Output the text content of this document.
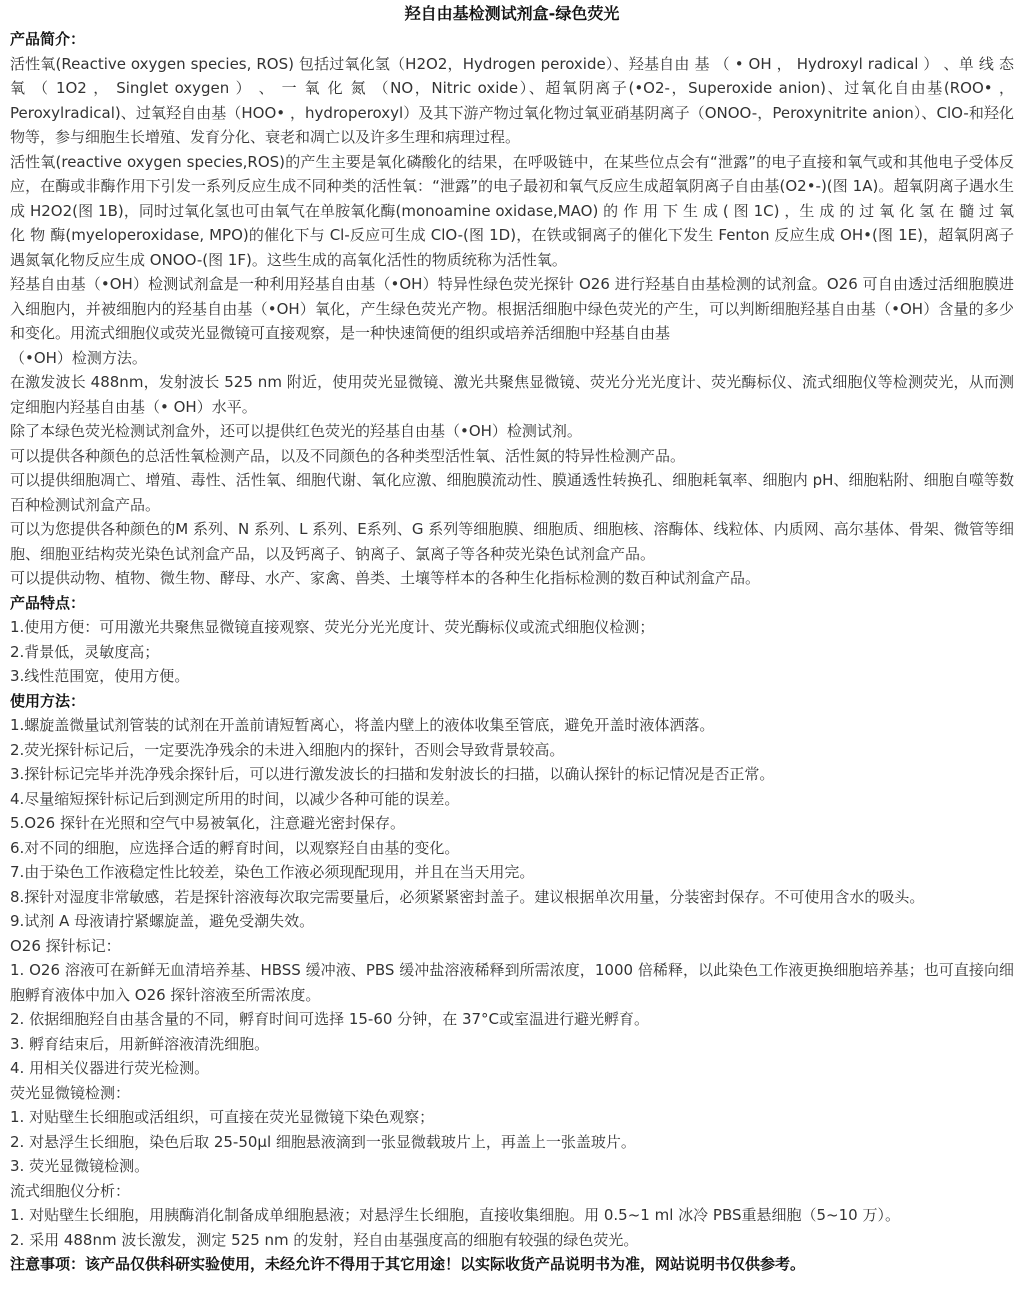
羟自由基检测试剂盒-绿色荧光
产品简介：

活性氧(Reactive oxygen species, ROS) 包括过氧化氢（H2O2，Hydrogen peroxide）、羟基自由 基 （ • OH ， Hydroxyl radical ） 、单 线 态 氧 （ 1O2 ， Singlet oxygen ） 、 一 氧 化 氮 （NO，Nitric oxide）、超氧阴离子(•O2-，Superoxide anion)、过氧化自由基(ROO• ，Peroxylradical)、过氧羟自由基（HOO• ，hydroperoxyl）及其下游产物过氧化物过氧亚硝基阴离子（ONOO-，Peroxynitrite anion）、ClO-和羟化物等，参与细胞生长增殖、发育分化、衰老和凋亡以及许多生理和病理过程。

活性氧(reactive oxygen species,ROS)的产生主要是氧化磷酸化的结果，在呼吸链中，在某些位点会有“泄露”的电子直接和氧气或和其他电子受体反应，在酶或非酶作用下引发一系列反应生成不同种类的活性氧：“泄露”的电子最初和氧气反应生成超氧阴离子自由基(O2•-)(图 1A)。超氧阴离子遇水生成 H2O2(图 1B)，同时过氧化氢也可由氧气在单胺氧化酶(monoamine oxidase,MAO) 的 作 用 下 生 成 ( 图 1C) ，生 成 的 过 氧 化 氢 在 髓 过 氧 化 物 酶(myeloperoxidase, MPO)的催化下与 Cl-反应可生成 ClO-(图 1D)，在铁或铜离子的催化下发生 Fenton 反应生成 OH•(图 1E)，超氧阴离子遇氮氧化物反应生成 ONOO-(图 1F)。这些生成的高氧化活性的物质统称为活性氧。

羟基自由基（•OH）检测试剂盒是一种利用羟基自由基（•OH）特异性绿色荧光探针 O26 进行羟基自由基检测的试剂盒。O26 可自由透过活细胞膜进入细胞内，并被细胞内的羟基自由基（•OH）氧化，产生绿色荧光产物。根据活细胞中绿色荧光的产生，可以判断细胞羟基自由基（•OH）含量的多少和变化。用流式细胞仪或荧光显微镜可直接观察，是一种快速简便的组织或培养活细胞中羟基自由基

（•OH）检测方法。

在激发波长 488nm，发射波长 525 nm 附近，使用荧光显微镜、激光共聚焦显微镜、荧光分光光度计、荧光酶标仪、流式细胞仪等检测荧光，从而测定细胞内羟基自由基（• OH）水平。

除了本绿色荧光检测试剂盒外，还可以提供红色荧光的羟基自由基（•OH）检测试剂。

可以提供各种颜色的总活性氧检测产品，以及不同颜色的各种类型活性氧、活性氮的特异性检测产品。

可以提供细胞凋亡、增殖、毒性、活性氧、细胞代谢、氧化应激、细胞膜流动性、膜通透性转换孔、细胞耗氧率、细胞内 pH、细胞粘附、细胞自噬等数百种检测试剂盒产品。

可以为您提供各种颜色的M 系列、N 系列、L 系列、E系列、G 系列等细胞膜、细胞质、细胞核、溶酶体、线粒体、内质网、高尔基体、骨架、微管等细胞、细胞亚结构荧光染色试剂盒产品，以及钙离子、钠离子、氯离子等各种荧光染色试剂盒产品。

可以提供动物、植物、微生物、酵母、水产、家禽、兽类、土壤等样本的各种生化指标检测的数百种试剂盒产品。

产品特点：

1.使用方便：可用激光共聚焦显微镜直接观察、荧光分光光度计、荧光酶标仪或流式细胞仪检测；

2.背景低，灵敏度高；

3.线性范围宽，使用方便。

使用方法：

1.螺旋盖微量试剂管装的试剂在开盖前请短暂离心，将盖内壁上的液体收集至管底，避免开盖时液体洒落。

2.荧光探针标记后，一定要洗净残余的未进入细胞内的探针，否则会导致背景较高。

3.探针标记完毕并洗净残余探针后，可以进行激发波长的扫描和发射波长的扫描，以确认探针的标记情况是否正常。

4.尽量缩短探针标记后到测定所用的时间，以减少各种可能的误差。

5.O26 探针在光照和空气中易被氧化，注意避光密封保存。

6.对不同的细胞，应选择合适的孵育时间，以观察羟自由基的变化。

7.由于染色工作液稳定性比较差，染色工作液必须现配现用，并且在当天用完。

8.探针对湿度非常敏感，若是探针溶液每次取完需要量后，必须紧紧密封盖子。建议根据单次用量，分装密封保存。不可使用含水的吸头。

9.试剂 A 母液请拧紧螺旋盖，避免受潮失效。

O26 探针标记：

1. O26 溶液可在新鲜无血清培养基、HBSS 缓冲液、PBS 缓冲盐溶液稀释到所需浓度，1000 倍稀释，以此染色工作液更换细胞培养基；也可直接向细胞孵育液体中加入 O26 探针溶液至所需浓度。

2. 依据细胞羟自由基含量的不同，孵育时间可选择 15-60 分钟，在 37°C或室温进行避光孵育。

3. 孵育结束后，用新鲜溶液清洗细胞。

4. 用相关仪器进行荧光检测。

荧光显微镜检测：

1. 对贴壁生长细胞或活组织，可直接在荧光显微镜下染色观察；

2. 对悬浮生长细胞，染色后取 25-50μl 细胞悬液滴到一张显微载玻片上，再盖上一张盖玻片。

3. 荧光显微镜检测。

流式细胞仪分析：

1. 对贴壁生长细胞，用胰酶消化制备成单细胞悬液；对悬浮生长细胞，直接收集细胞。用 0.5~1 ml 冰冷 PBS重悬细胞（5~10 万）。

2. 采用 488nm 波长激发，测定 525 nm 的发射，羟自由基强度高的细胞有较强的绿色荧光。

注意事项：该产品仅供科研实验使用，未经允许不得用于其它用途！以实际收货产品说明书为准，网站说明书仅供参考。
